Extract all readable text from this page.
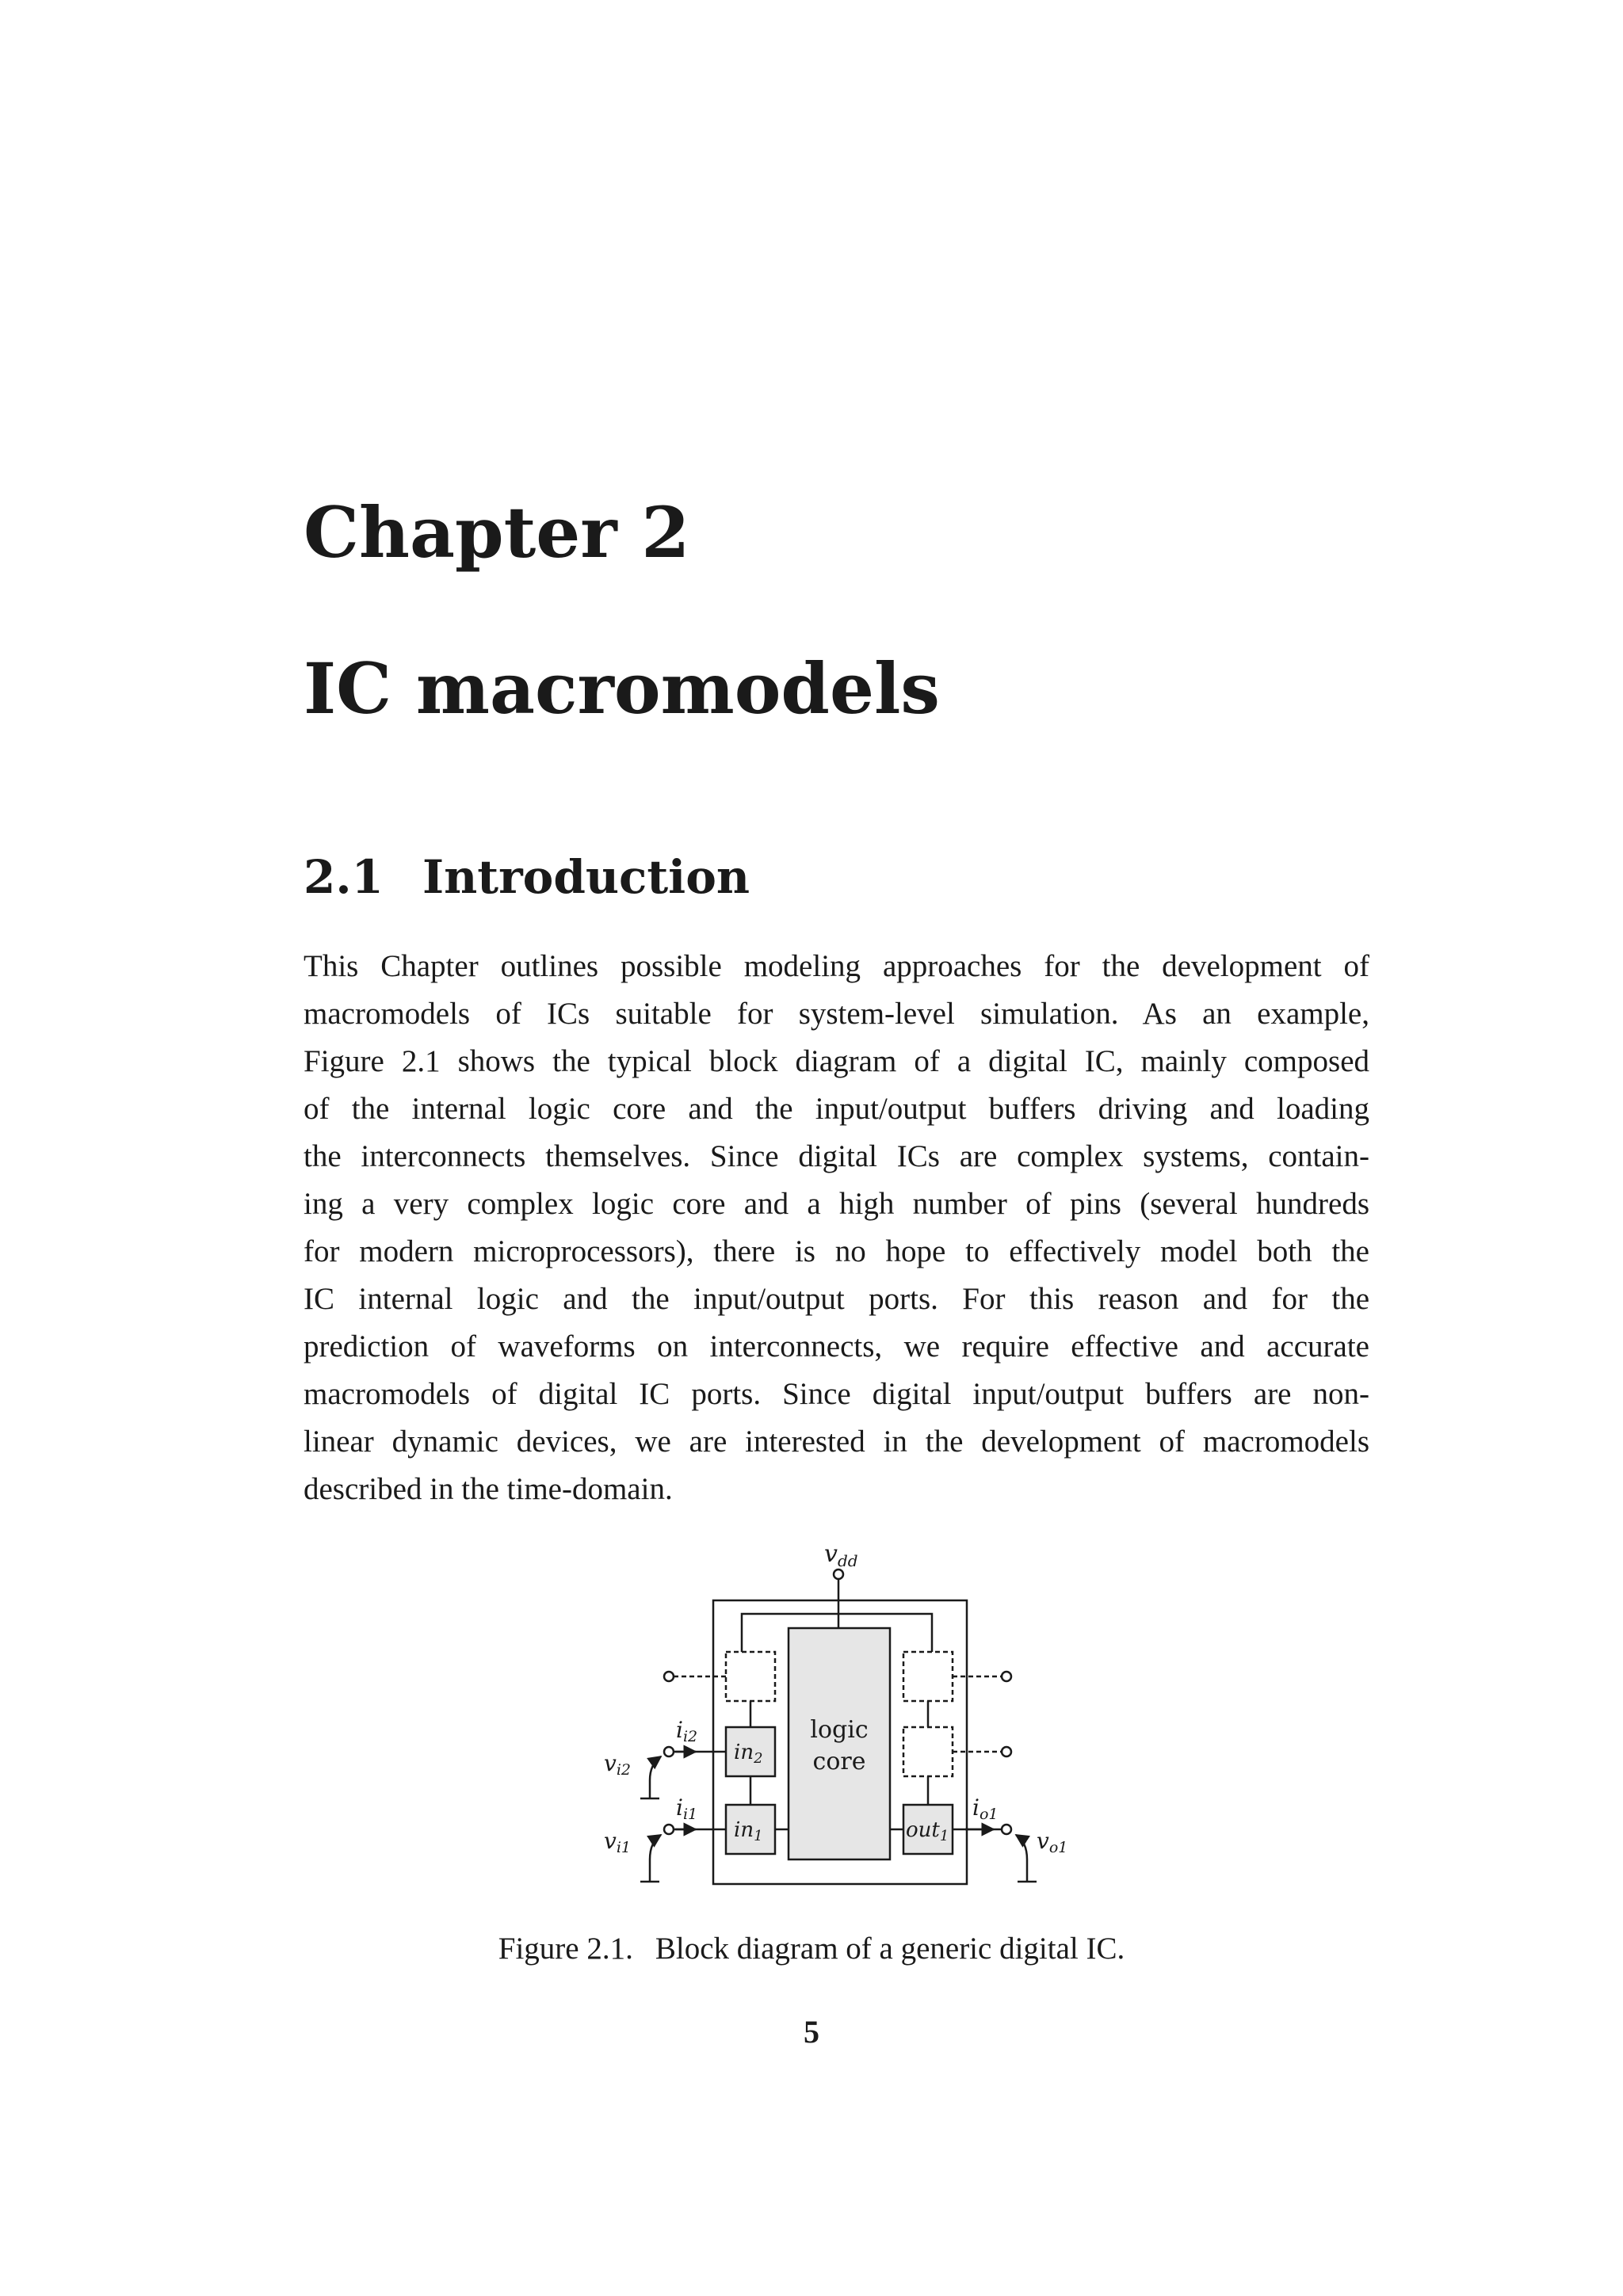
Chapter 2
IC macromodels
2.1 Introduction
This Chapter outlines possible modeling approaches for the development of
macromodels of ICs suitable for system-level simulation. As an example,
Figure 2.1 shows the typical block diagram of a digital IC, mainly composed
of the internal logic core and the input/output buffers driving and loading
the interconnects themselves. Since digital ICs are complex systems, contain-
ing a very complex logic core and a high number of pins (several hundreds
for modern microprocessors), there is no hope to effectively model both the
IC internal logic and the input/output ports. For this reason and for the
prediction of waveforms on interconnects, we require effective and accurate
macromodels of digital IC ports. Since digital input/output buffers are non-
linear dynamic devices, we are interested in the development of macromodels
described in the time-domain.
$v_{dd}$
logic
core
in2
in1	out1
ii2
ii1	io1
vi2
vi1	vo1

Figure 2.1. Block diagram of a generic digital IC.

5
